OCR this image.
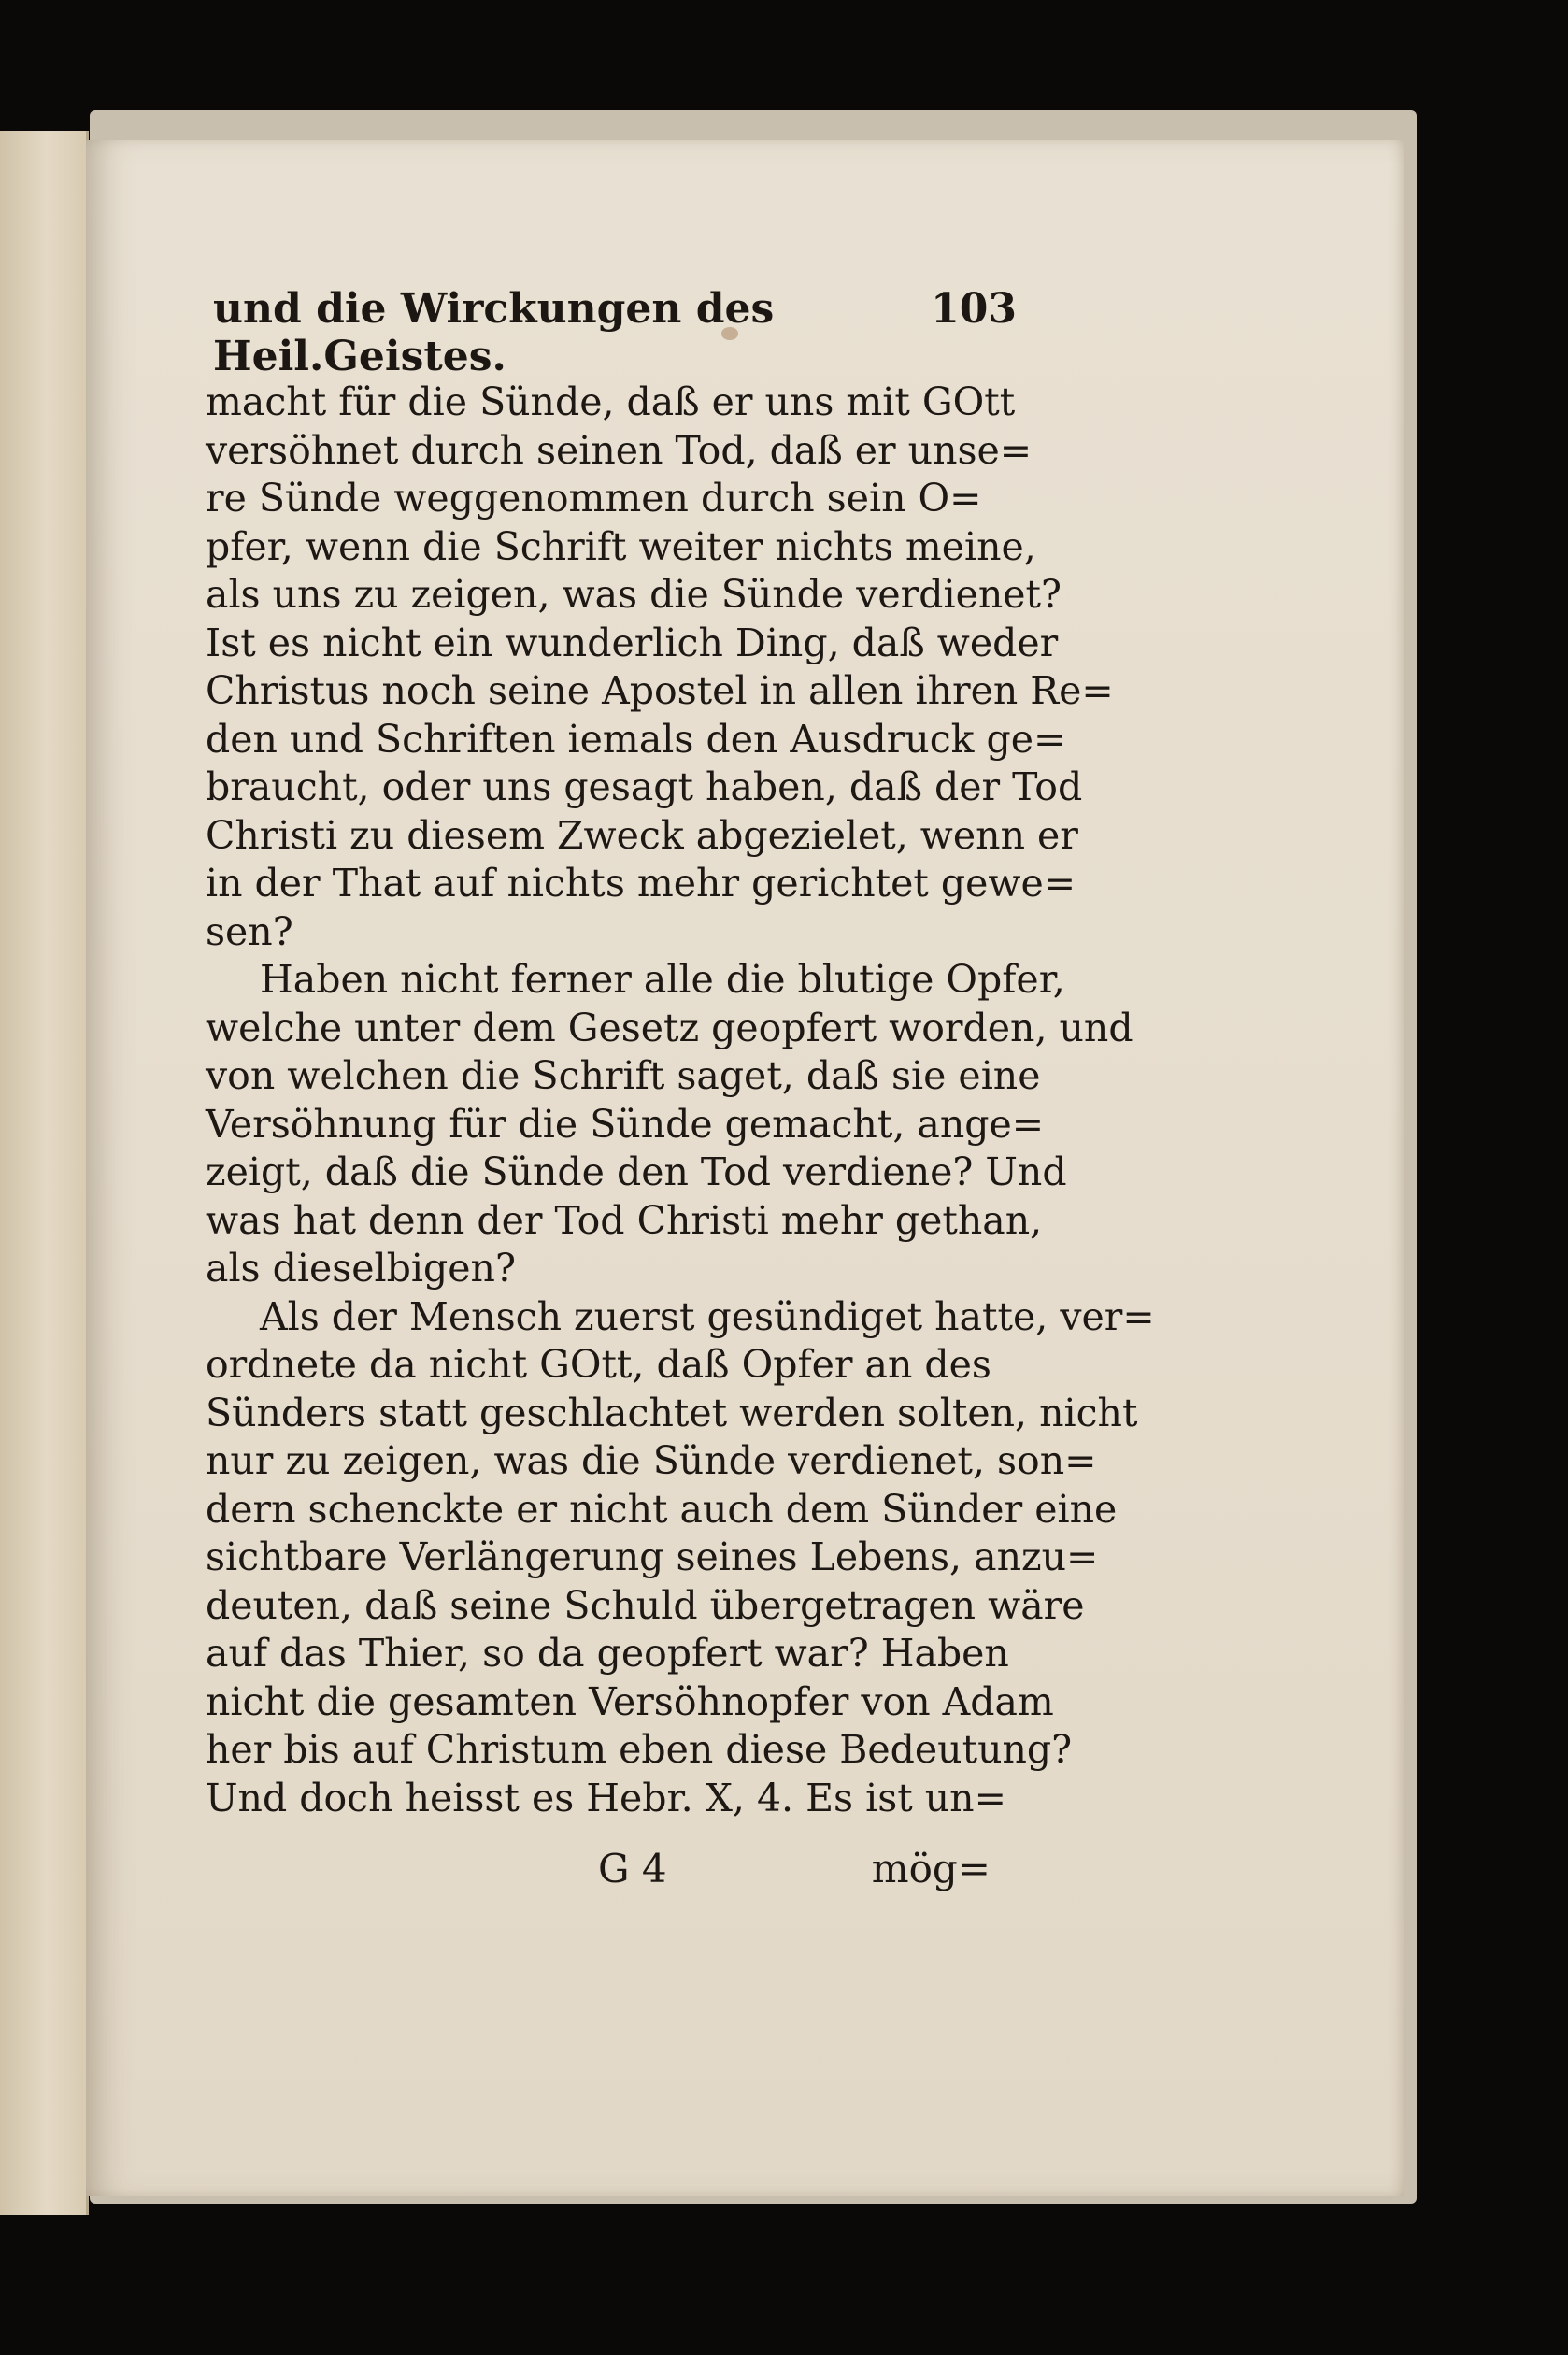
und die Wirckungen des Heil.Geistes.
103
macht für die Sünde, daß er uns mit GOtt
versöhnet durch seinen Tod, daß er unse=
re Sünde weggenommen durch sein O=
pfer, wenn die Schrift weiter nichts meine,
als uns zu zeigen, was die Sünde verdienet?
Ist es nicht ein wunderlich Ding, daß weder
Christus noch seine Apostel in allen ihren Re=
den und Schriften iemals den Ausdruck ge=
braucht, oder uns gesagt haben, daß der Tod
Christi zu diesem Zweck abgezielet, wenn er
in der That auf nichts mehr gerichtet gewe=
sen?
Haben nicht ferner alle die blutige Opfer,
welche unter dem Gesetz geopfert worden, und
von welchen die Schrift saget, daß sie eine
Versöhnung für die Sünde gemacht, ange=
zeigt, daß die Sünde den Tod verdiene? Und
was hat denn der Tod Christi mehr gethan,
als dieselbigen?
Als der Mensch zuerst gesündiget hatte, ver=
ordnete da nicht GOtt, daß Opfer an des
Sünders statt geschlachtet werden solten, nicht
nur zu zeigen, was die Sünde verdienet, son=
dern schenckte er nicht auch dem Sünder eine
sichtbare Verlängerung seines Lebens, anzu=
deuten, daß seine Schuld übergetragen wäre
auf das Thier, so da geopfert war? Haben
nicht die gesamten Versöhnopfer von Adam
her bis auf Christum eben diese Bedeutung?
Und doch heisst es Hebr. X, 4. Es ist un=
G 4	mög=
